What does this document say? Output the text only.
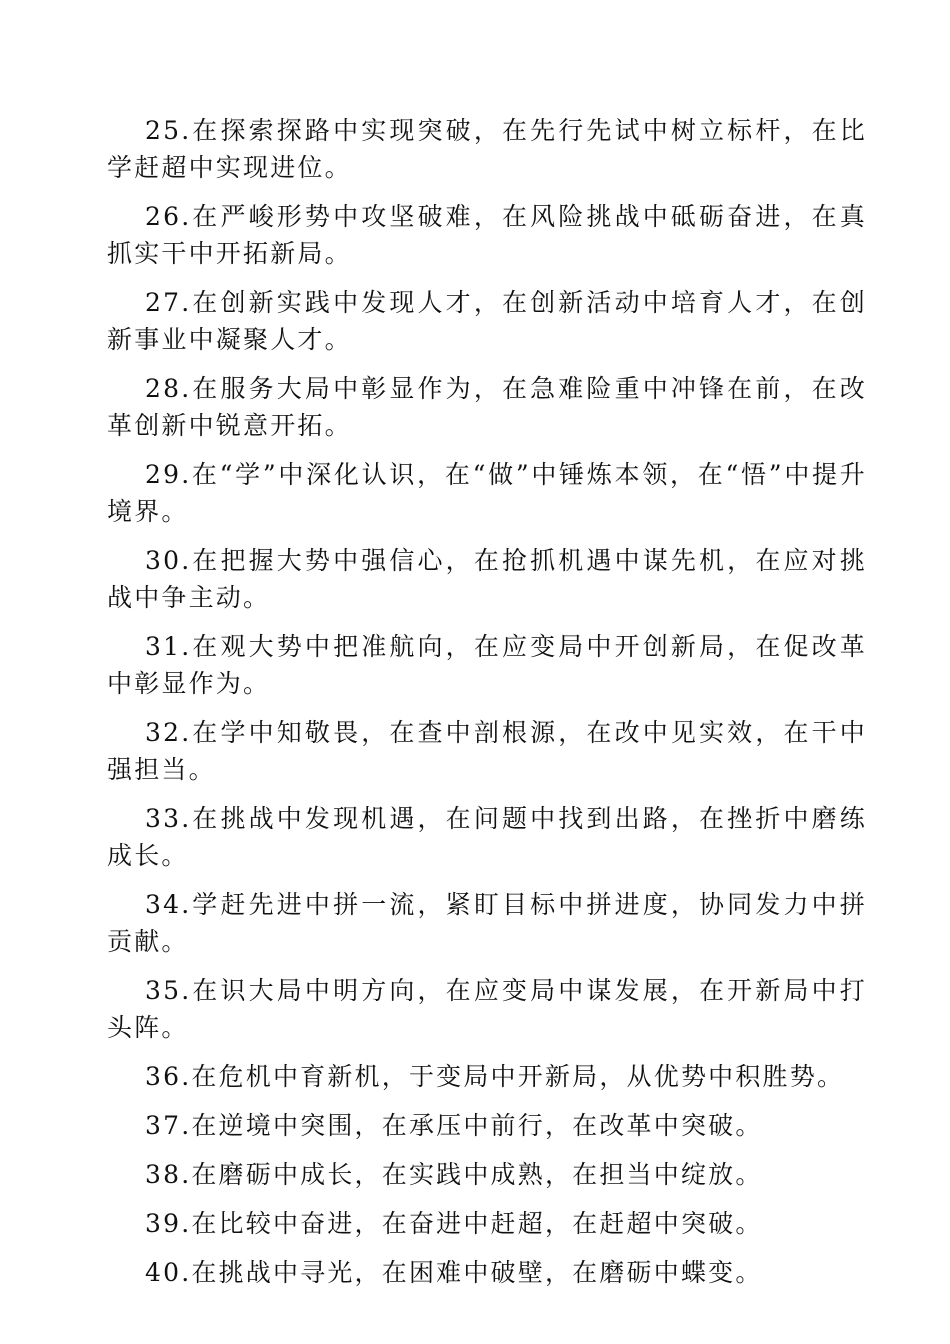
25.在探索探路中实现突破，在先行先试中树立标杆，在比学赶超中实现进位。

26.在严峻形势中攻坚破难，在风险挑战中砥砺奋进，在真抓实干中开拓新局。

27.在创新实践中发现人才，在创新活动中培育人才，在创新事业中凝聚人才。

28.在服务大局中彰显作为，在急难险重中冲锋在前，在改革创新中锐意开拓。

29.在“学”中深化认识，在“做”中锤炼本领，在“悟”中提升境界。

30.在把握大势中强信心，在抢抓机遇中谋先机，在应对挑战中争主动。

31.在观大势中把准航向，在应变局中开创新局，在促改革中彰显作为。

32.在学中知敬畏，在查中剖根源，在改中见实效，在干中强担当。

33.在挑战中发现机遇，在问题中找到出路，在挫折中磨练成长。

34.学赶先进中拼一流，紧盯目标中拼进度，协同发力中拼贡献。

35.在识大局中明方向，在应变局中谋发展，在开新局中打头阵。

36.在危机中育新机，于变局中开新局，从优势中积胜势。

37.在逆境中突围，在承压中前行，在改革中突破。

38.在磨砺中成长，在实践中成熟，在担当中绽放。

39.在比较中奋进，在奋进中赶超，在赶超中突破。

40.在挑战中寻光，在困难中破壁，在磨砺中蝶变。
